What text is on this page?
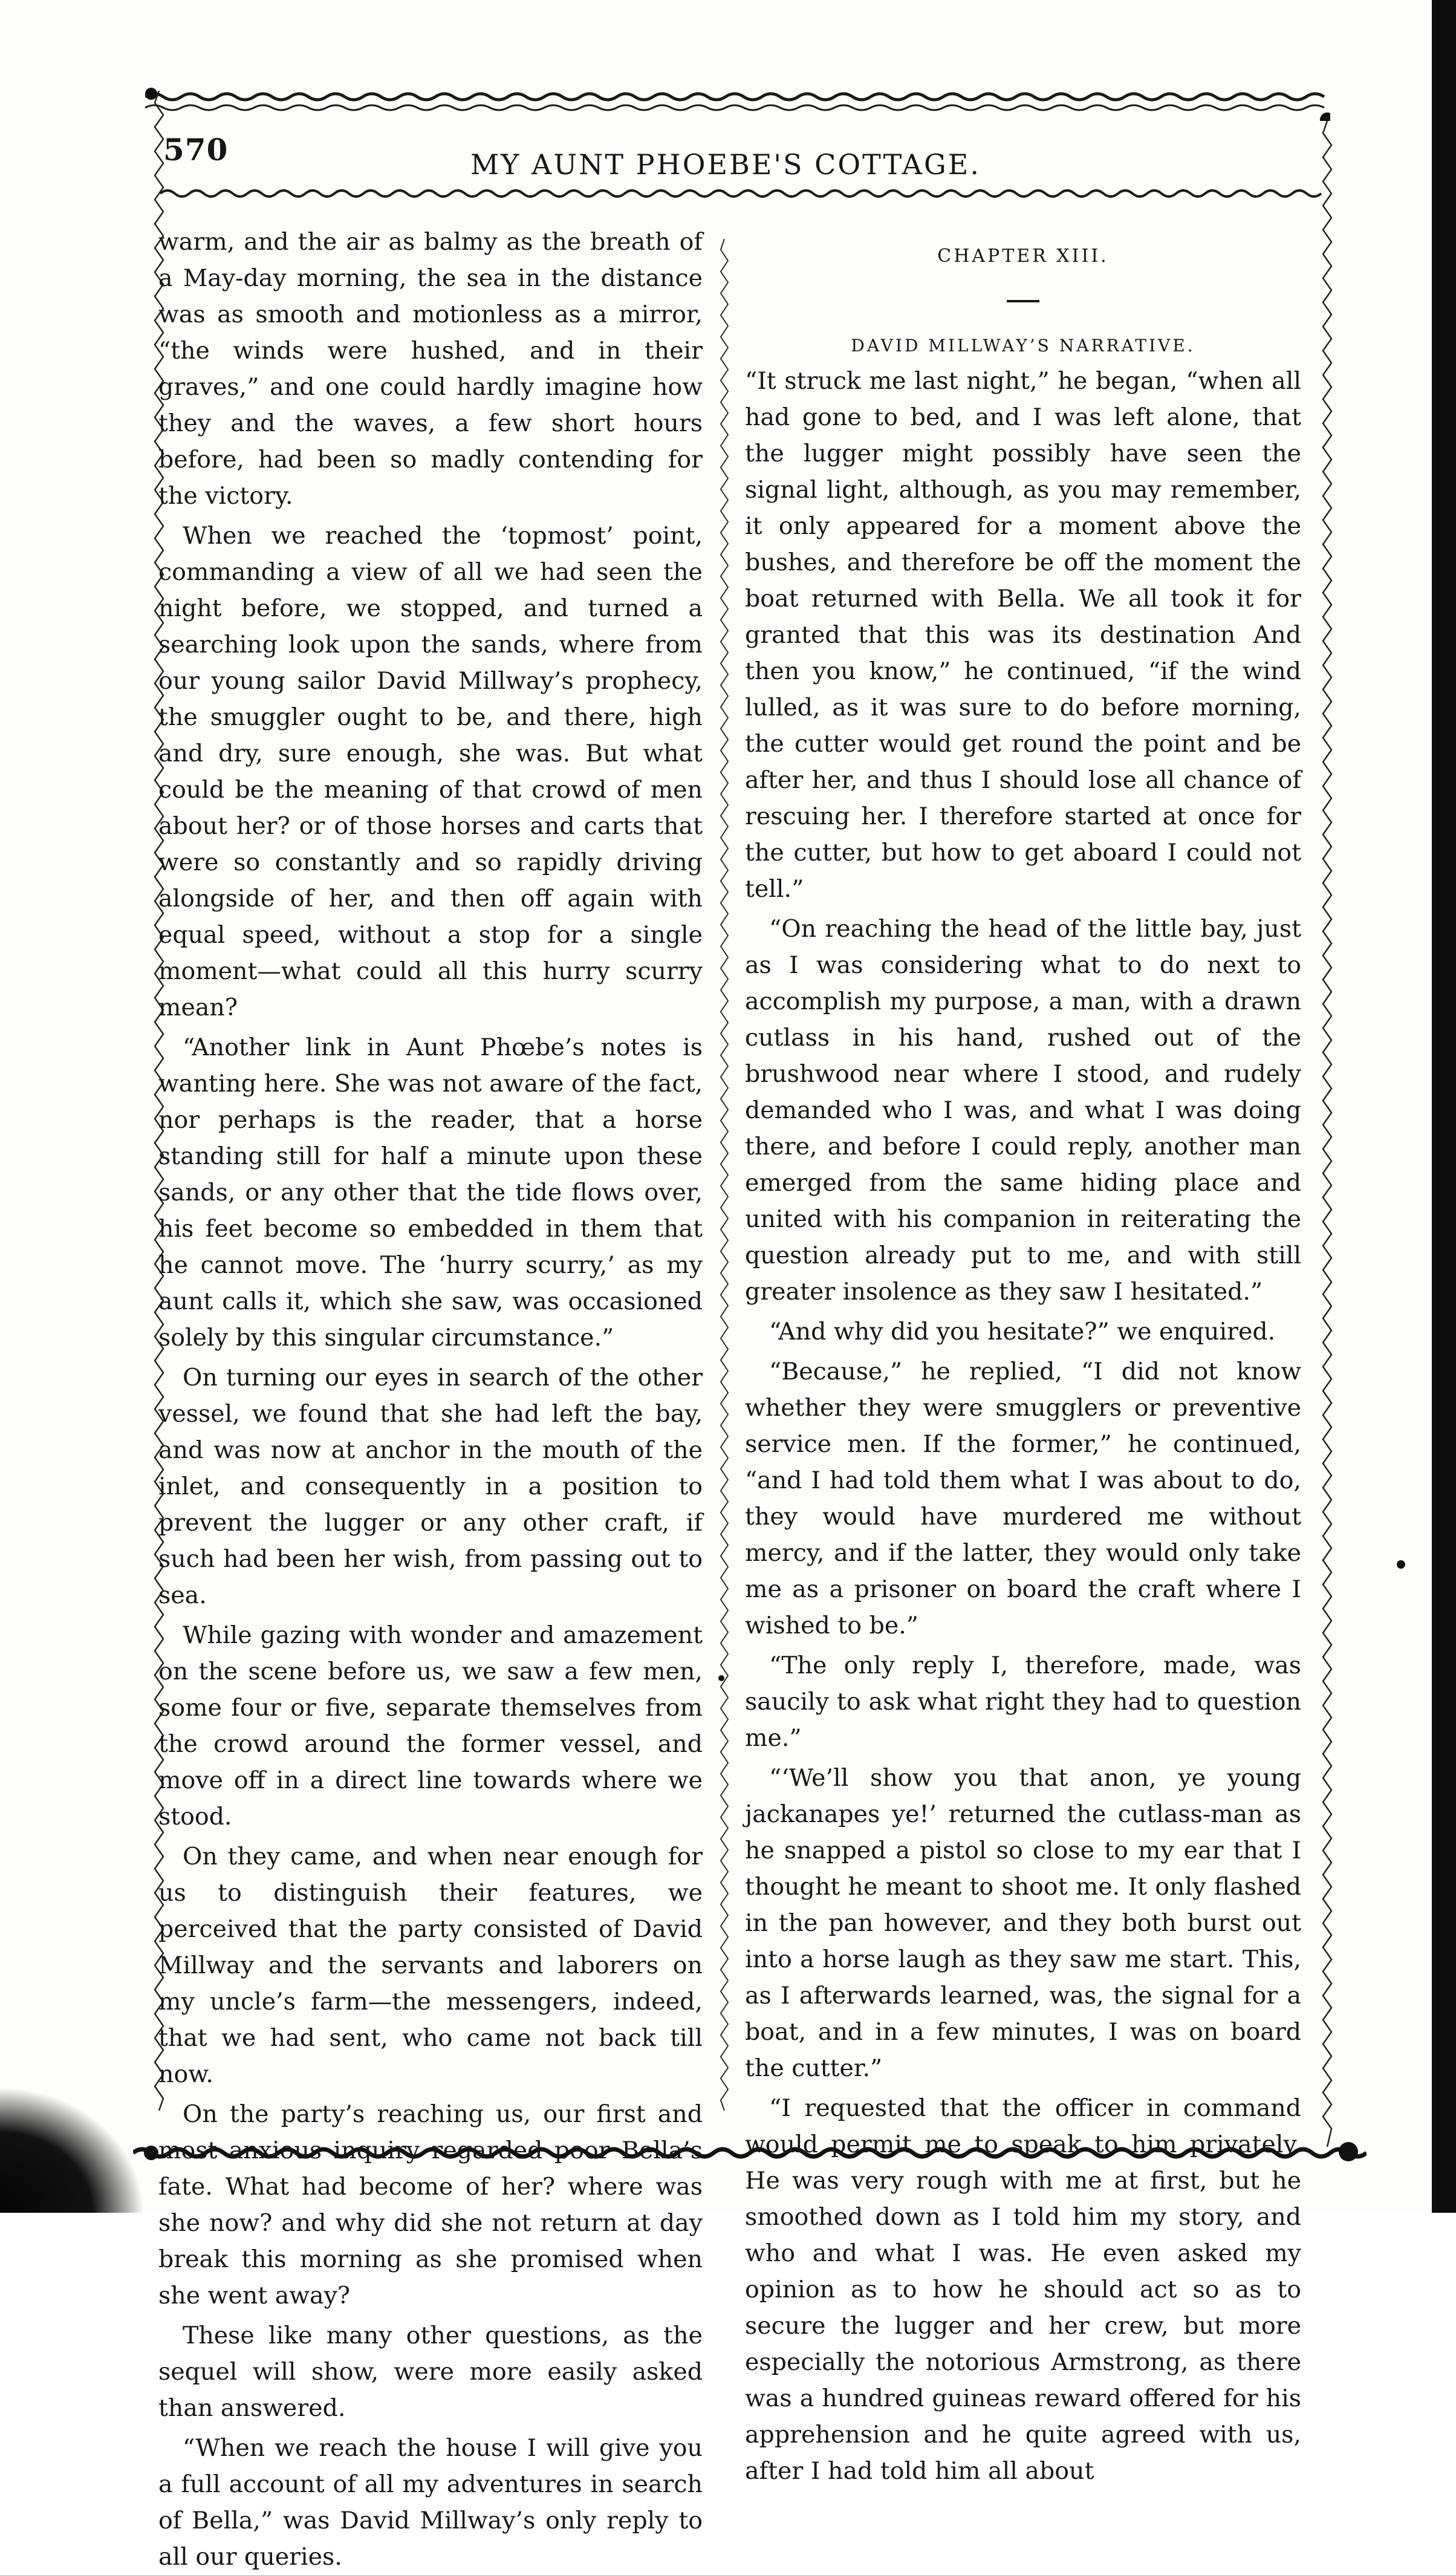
570	MY AUNT PHOEBE'S COTTAGE.

warm, and the air as balmy as the breath of a May-day morning, the sea in the distance was as smooth and motionless as a mirror, “the winds were hushed, and in their graves,” and one could hardly imagine how they and the waves, a few short hours before, had been so madly contending for the victory.

When we reached the ‘topmost’ point, commanding a view of all we had seen the night before, we stopped, and turned a searching look upon the sands, where from our young sailor David Millway’s prophecy, the smuggler ought to be, and there, high and dry, sure enough, she was. But what could be the meaning of that crowd of men about her? or of those horses and carts that were so constantly and so rapidly driving alongside of her, and then off again with equal speed, without a stop for a single moment—what could all this hurry scurry mean?

“Another link in Aunt Phœbe’s notes is wanting here. She was not aware of the fact, nor perhaps is the reader, that a horse standing still for half a minute upon these sands, or any other that the tide flows over, his feet become so embedded in them that he cannot move. The ‘hurry scurry,’ as my aunt calls it, which she saw, was occasioned solely by this singular circumstance.”

On turning our eyes in search of the other vessel, we found that she had left the bay, and was now at anchor in the mouth of the inlet, and consequently in a position to prevent the lugger or any other craft, if such had been her wish, from passing out to sea.

While gazing with wonder and amazement on the scene before us, we saw a few men, some four or five, separate themselves from the crowd around the former vessel, and move off in a direct line towards where we stood.

On they came, and when near enough for us to distinguish their features, we perceived that the party consisted of David Millway and the servants and laborers on my uncle’s farm—the messengers, indeed, that we had sent, who came not back till now.

On the party’s reaching us, our first and most anxious inquiry regarded poor Bella’s fate. What had become of her? where was she now? and why did she not return at day break this morning as she promised when she went away?

These like many other questions, as the sequel will show, were more easily asked than answered.

“When we reach the house I will give you a full account of all my adventures in search of Bella,” was David Millway’s only reply to all our queries.

CHAPTER XIII.
DAVID MILLWAY’S NARRATIVE.

“It struck me last night,” he began, “when all had gone to bed, and I was left alone, that the lugger might possibly have seen the signal light, although, as you may remember, it only appeared for a moment above the bushes, and therefore be off the moment the boat returned with Bella. We all took it for granted that this was its destination And then you know,” he continued, “if the wind lulled, as it was sure to do before morning, the cutter would get round the point and be after her, and thus I should lose all chance of rescuing her. I therefore started at once for the cutter, but how to get aboard I could not tell.”

“On reaching the head of the little bay, just as I was considering what to do next to accomplish my purpose, a man, with a drawn cutlass in his hand, rushed out of the brushwood near where I stood, and rudely demanded who I was, and what I was doing there, and before I could reply, another man emerged from the same hiding place and united with his companion in reiterating the question already put to me, and with still greater insolence as they saw I hesitated.”

“And why did you hesitate?” we enquired.

“Because,” he replied, “I did not know whether they were smugglers or preventive service men. If the former,” he continued, “and I had told them what I was about to do, they would have murdered me without mercy, and if the latter, they would only take me as a prisoner on board the craft where I wished to be.”

“The only reply I, therefore, made, was saucily to ask what right they had to question me.”

“‘We’ll show you that anon, ye young jackanapes ye!’ returned the cutlass-man as he snapped a pistol so close to my ear that I thought he meant to shoot me. It only flashed in the pan however, and they both burst out into a horse laugh as they saw me start. This, as I afterwards learned, was, the signal for a boat, and in a few minutes, I was on board the cutter.”

“I requested that the officer in command would permit me to speak to him privately. He was very rough with me at first, but he smoothed down as I told him my story, and who and what I was. He even asked my opinion as to how he should act so as to secure the lugger and her crew, but more especially the notorious Armstrong, as there was a hundred guineas reward offered for his apprehension and he quite agreed with us, after I had told him all about
